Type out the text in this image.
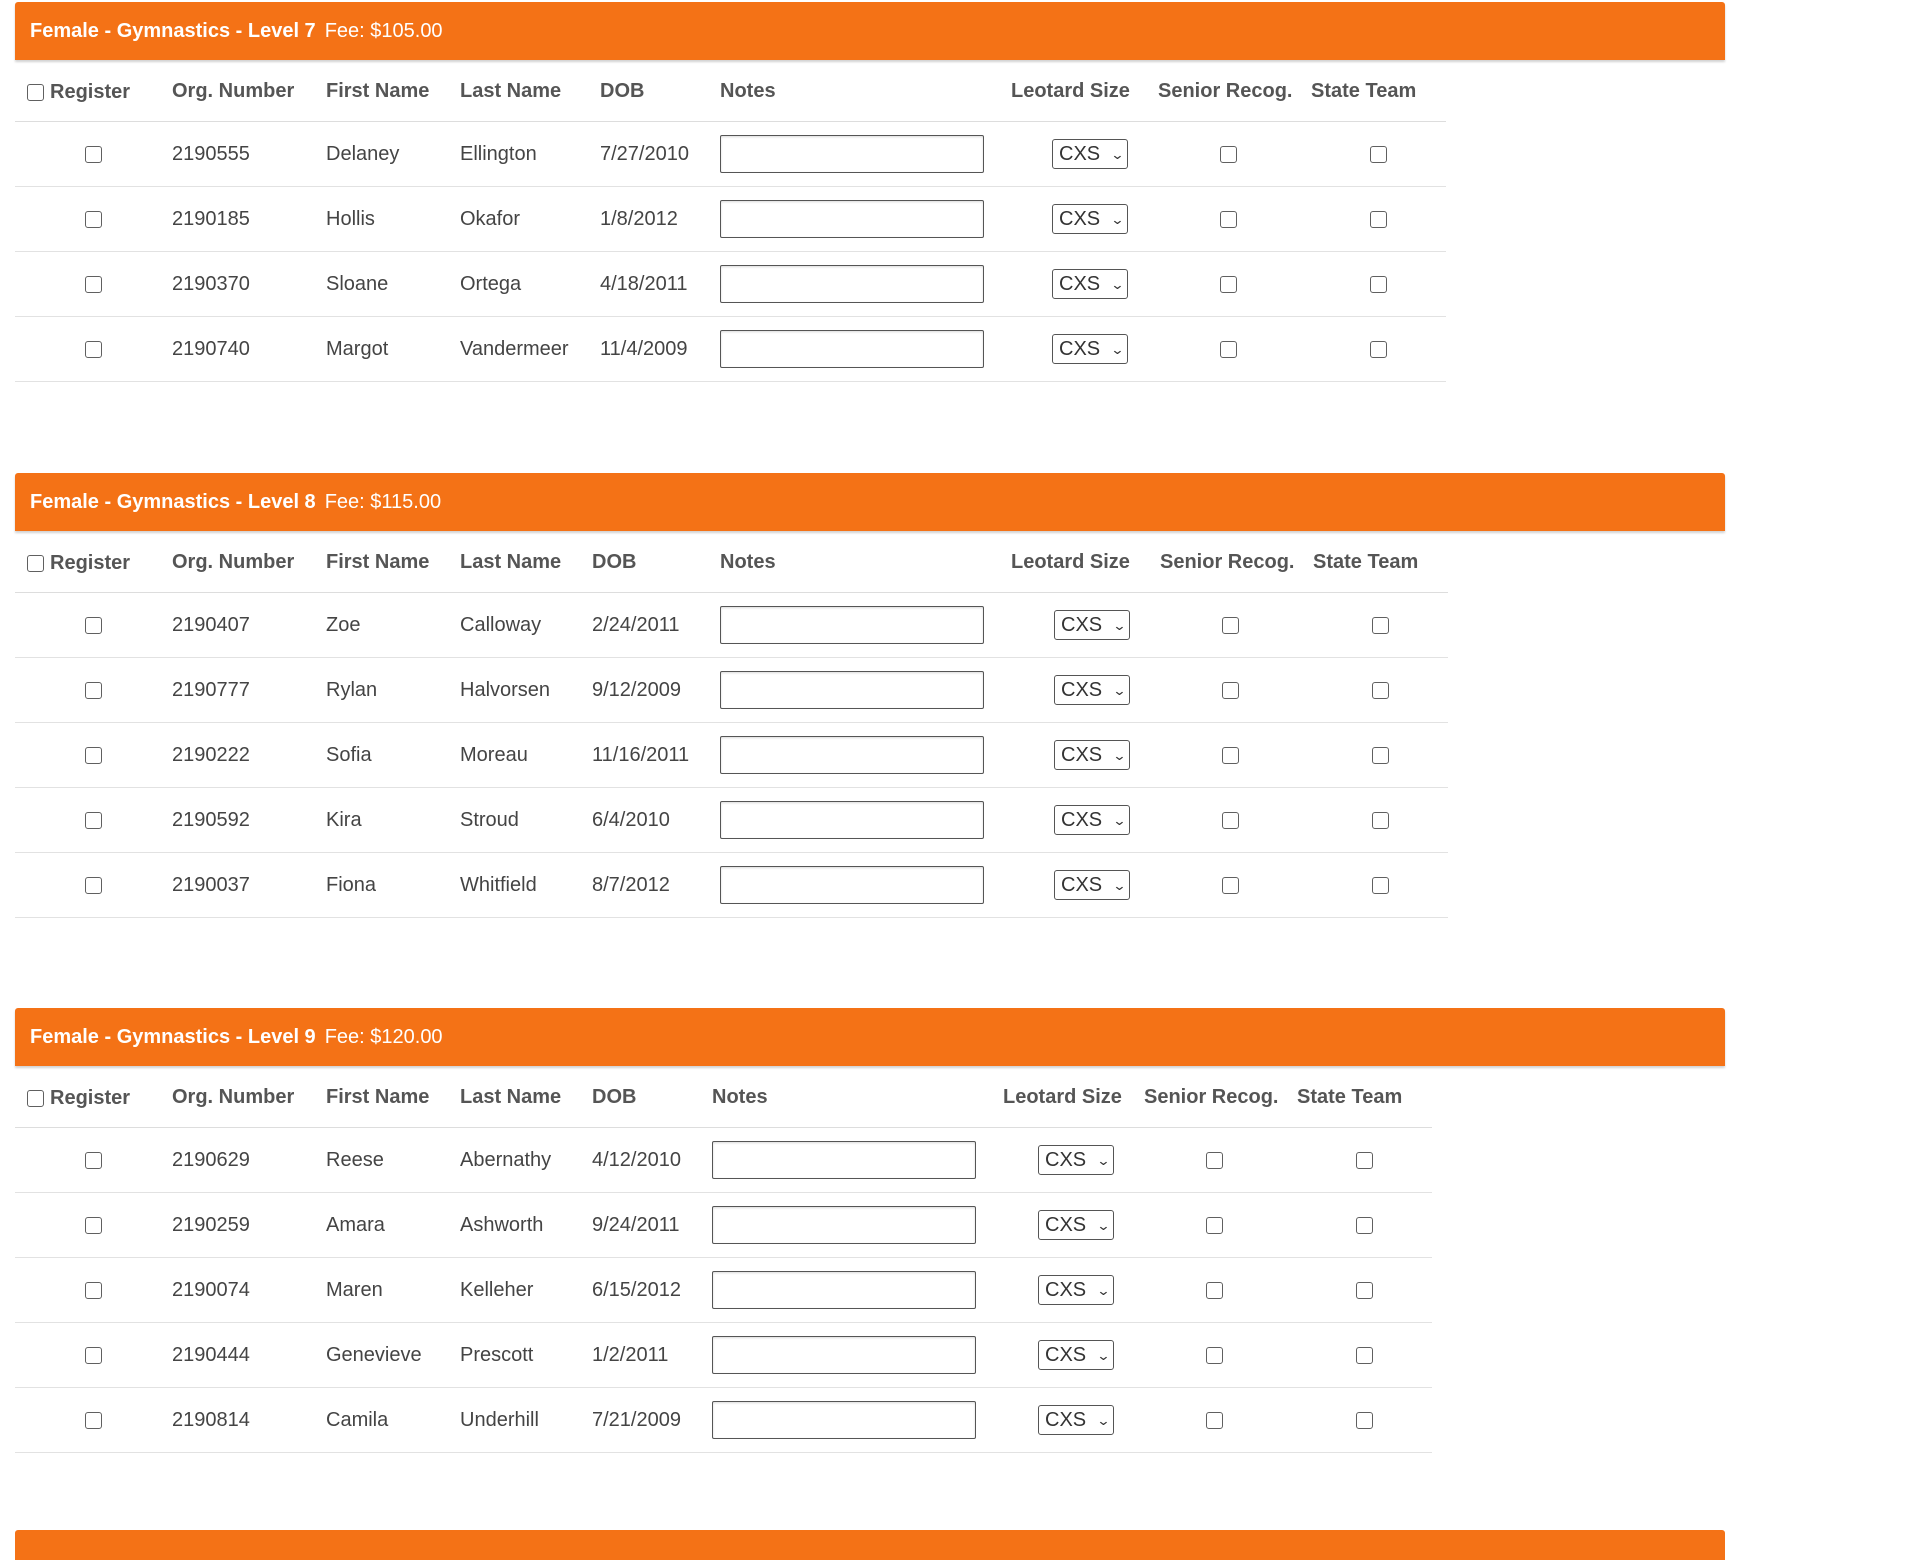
Female - Gymnastics - Level 7 Fee: $105.00
Register	Org. Number	First Name	Last Name	DOB	Notes	Leotard Size	Senior Recog.	State Team
	2190555	Delaney	Ellington	7/27/2010		CXS ⌄		

	2190185	Hollis	Okafor	1/8/2012		CXS ⌄		

	2190370	Sloane	Ortega	4/18/2011		CXS ⌄		

	2190740	Margot	Vandermeer	11/4/2009		CXS ⌄		

Female - Gymnastics - Level 8 Fee: $115.00
Register	Org. Number	First Name	Last Name	DOB	Notes	Leotard Size	Senior Recog.	State Team
	2190407	Zoe	Calloway	2/24/2011		CXS ⌄		

	2190777	Rylan	Halvorsen	9/12/2009		CXS ⌄		

	2190222	Sofia	Moreau	11/16/2011		CXS ⌄		

	2190592	Kira	Stroud	6/4/2010		CXS ⌄		

	2190037	Fiona	Whitfield	8/7/2012		CXS ⌄		

Female - Gymnastics - Level 9 Fee: $120.00
Register	Org. Number	First Name	Last Name	DOB	Notes	Leotard Size	Senior Recog.	State Team
	2190629	Reese	Abernathy	4/12/2010		CXS ⌄		

	2190259	Amara	Ashworth	9/24/2011		CXS ⌄		

	2190074	Maren	Kelleher	6/15/2012		CXS ⌄		

	2190444	Genevieve	Prescott	1/2/2011		CXS ⌄		

	2190814	Camila	Underhill	7/21/2009		CXS ⌄		
